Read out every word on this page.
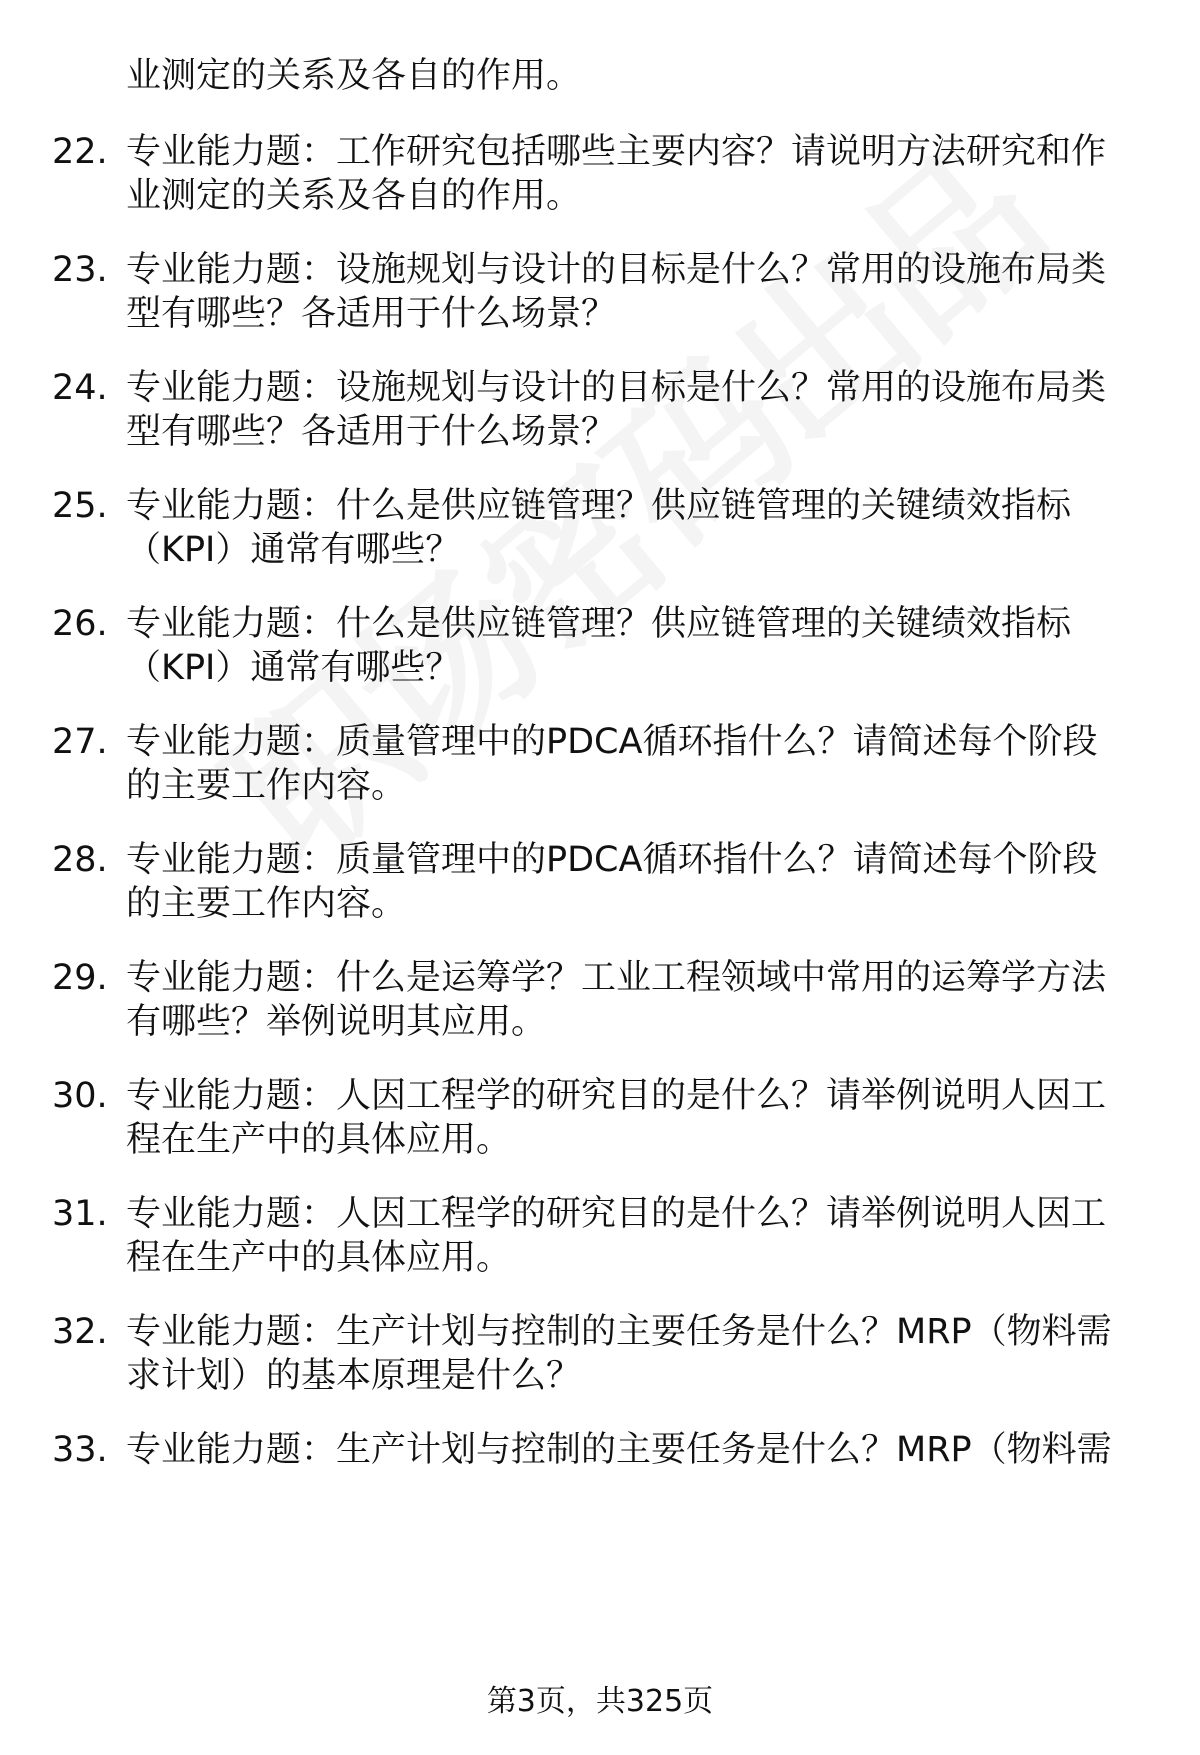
业测定的关系及各自的作用。
22. 专业能力题：工作研究包括哪些主要内容？请说明方法研究和作
业测定的关系及各自的作用。
23. 专业能力题：设施规划与设计的目标是什么？常用的设施布局类
型有哪些？各适用于什么场景？
24. 专业能力题：设施规划与设计的目标是什么？常用的设施布局类
型有哪些？各适用于什么场景？
25. 专业能力题：什么是供应链管理？供应链管理的关键绩效指标
（KPI）通常有哪些？
26. 专业能力题：什么是供应链管理？供应链管理的关键绩效指标
（KPI）通常有哪些？
27. 专业能力题：质量管理中的PDCA循环指什么？请简述每个阶段
的主要工作内容。
28. 专业能力题：质量管理中的PDCA循环指什么？请简述每个阶段
的主要工作内容。
29. 专业能力题：什么是运筹学？工业工程领域中常用的运筹学方法
有哪些？举例说明其应用。
30. 专业能力题：人因工程学的研究目的是什么？请举例说明人因工
程在生产中的具体应用。
31. 专业能力题：人因工程学的研究目的是什么？请举例说明人因工
程在生产中的具体应用。
32. 专业能力题：生产计划与控制的主要任务是什么？MRP（物料需
求计划）的基本原理是什么？
33. 专业能力题：生产计划与控制的主要任务是什么？MRP（物料需
第3页，共325页
